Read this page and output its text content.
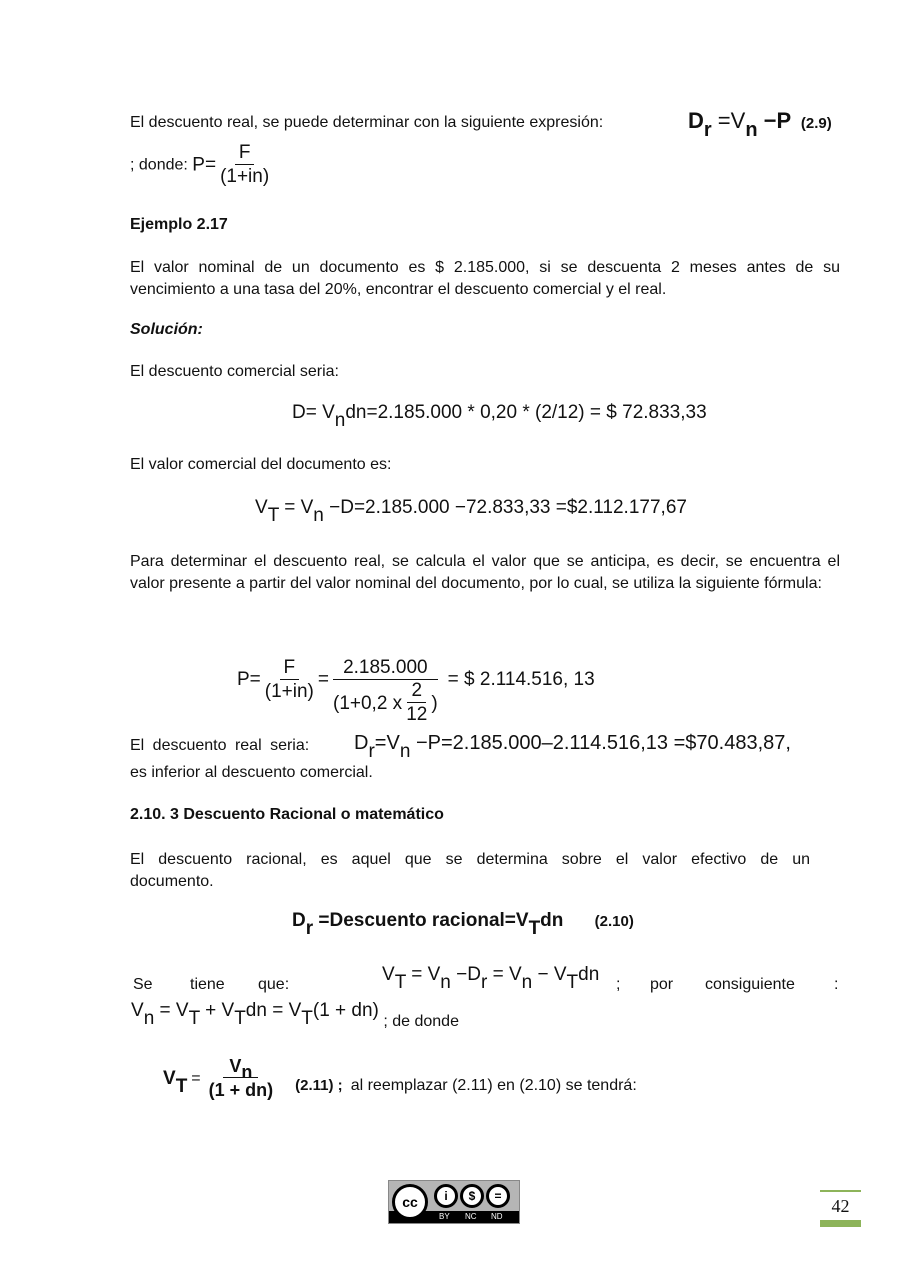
El descuento real, se puede determinar con la siguiente expresión:	Dr =Vn −P (2.9)
; donde: $P= \frac{F}{(1+in)}$
Ejemplo 2.17
El valor nominal de un documento es $ 2.185.000, si se descuenta 2 meses antes de su vencimiento a una tasa del 20%, encontrar el descuento comercial y el real.
Solución:
El descuento comercial seria:
D= Vndn=2.185.000 * 0,20 * (2/12) = $ 72.833,33
El valor comercial del documento es:
VT = Vn −D=2.185.000 −72.833,33 =$2.112.177,67
Para determinar el descuento real, se calcula el valor que se anticipa, es decir, se encuentra el valor presente a partir del valor nominal del documento, por lo cual, se utiliza la siguiente fórmula:
$P= \frac{F}{(1+in)} = \frac{2.185.000}{(1+0,2 x \frac{2}{12} )}$ = $ 2.114.516, 13
El descuento real seria: Dr=Vn −P=2.185.000–2.114.516,13 =$70.483,87,
es inferior al descuento comercial.
2.10. 3 Descuento Racional o matemático
El descuento racional, es aquel que se determina sobre el valor efectivo de un documento.
Dr =Descuento racional=VTdn (2.10)
Se tiene que:	VT = Vn −Dr = Vn − VTdn ; por consiguiente :
Vn = VT + VTdn = VT(1 + dn) ; de donde
VT = $\frac{Vn}{(1 + dn)} (2.11)$ ; al reemplazar (2.11) en (2.10) se tendrá:
cc	i	$	=
BY NC ND
42
